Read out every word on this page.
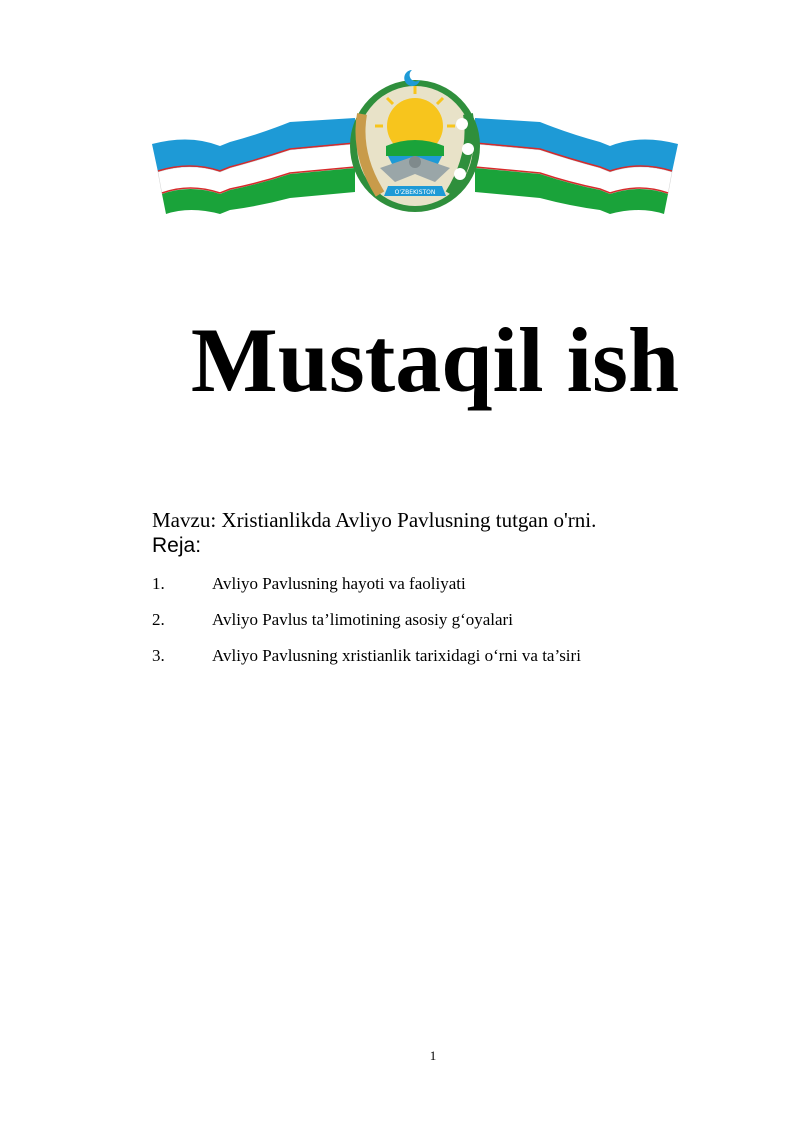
O'ZBEKISTON
Mustaqil ish
Mavzu: Xristianlikda Avliyo Pavlusning tutgan o'rni.
Reja:
1.	Avliyo Pavlusning hayoti va faoliyati
2.	Avliyo Pavlus ta’limotining asosiy g‘oyalari
3.	Avliyo Pavlusning xristianlik tarixidagi o‘rni va ta’siri
1
